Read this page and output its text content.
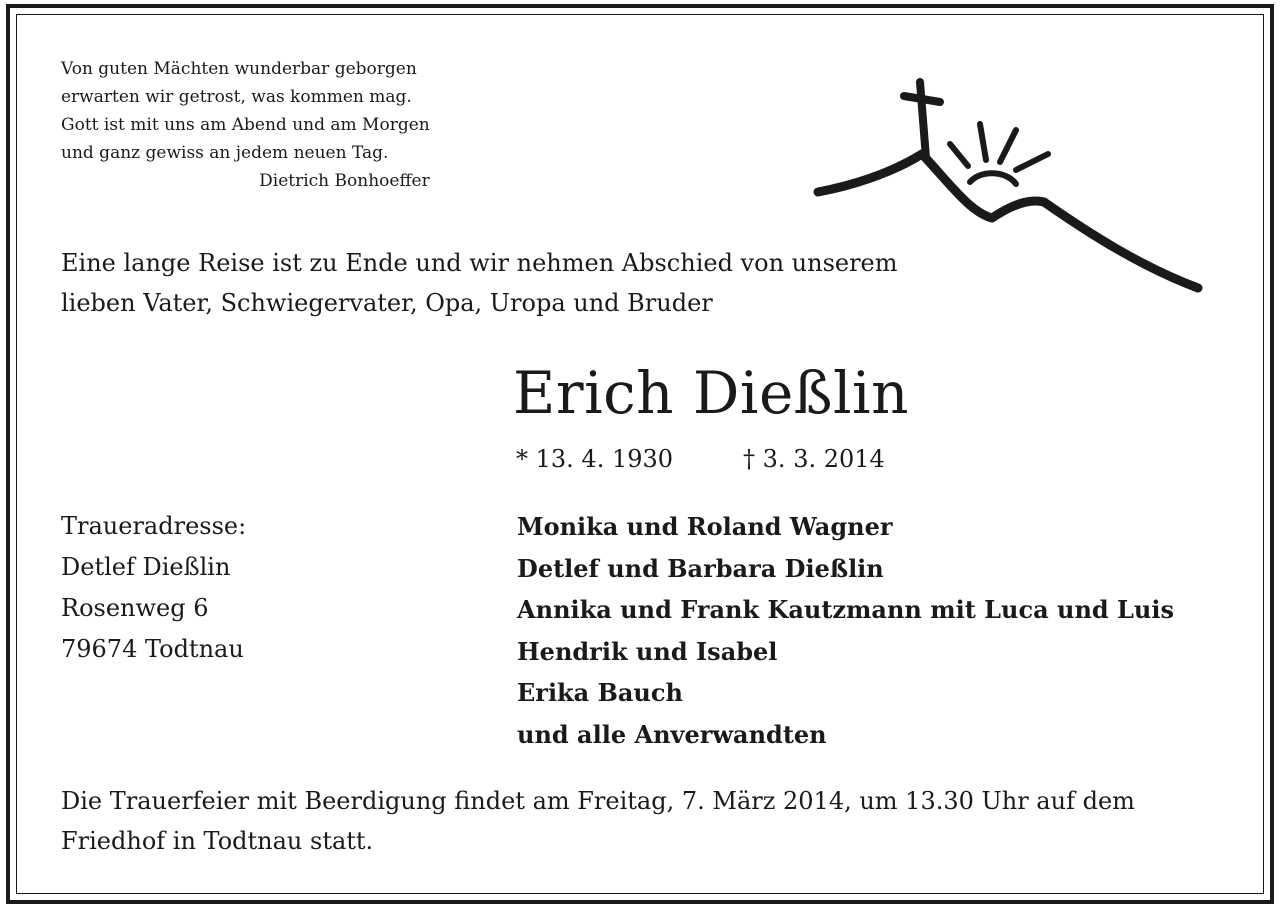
Von guten Mächten wunderbar geborgen
erwarten wir getrost, was kommen mag.
Gott ist mit uns am Abend und am Morgen
und ganz gewiss an jedem neuen Tag.
Dietrich Bonhoeffer
Eine lange Reise ist zu Ende und wir nehmen Abschied von unserem
lieben Vater, Schwiegervater, Opa, Uropa und Bruder
Erich Dießlin
* 13. 4. 1930	† 3. 3. 2014
Traueradresse:
Detlef Dießlin
Rosenweg 6
79674 Todtnau
Monika und Roland Wagner
Detlef und Barbara Dießlin
Annika und Frank Kautzmann mit Luca und Luis
Hendrik und Isabel
Erika Bauch
und alle Anverwandten
Die Trauerfeier mit Beerdigung findet am Freitag, 7. März 2014, um 13.30 Uhr auf dem
Friedhof in Todtnau statt.
